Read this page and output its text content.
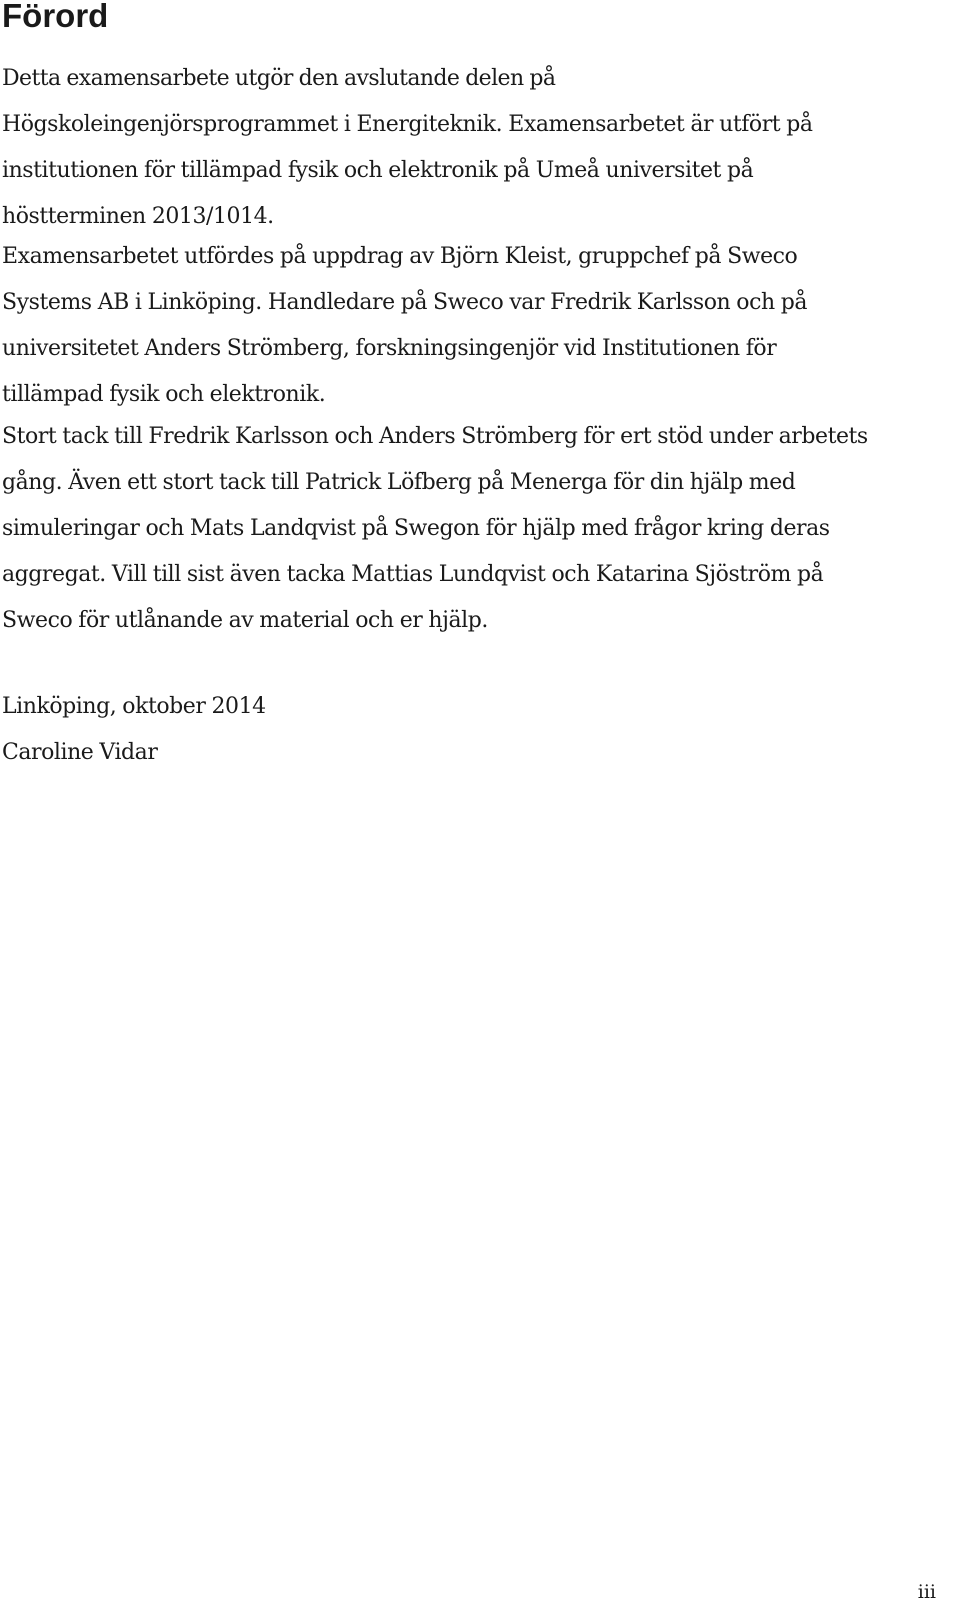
Förord

Detta examensarbete utgör den avslutande delen på
Högskoleingenjörsprogrammet i Energiteknik. Examensarbetet är utfört på
institutionen för tillämpad fysik och elektronik på Umeå universitet på
höstterminen 2013/1014.

Examensarbetet utfördes på uppdrag av Björn Kleist, gruppchef på Sweco
Systems AB i Linköping. Handledare på Sweco var Fredrik Karlsson och på
universitetet Anders Strömberg, forskningsingenjör vid Institutionen för
tillämpad fysik och elektronik.

Stort tack till Fredrik Karlsson och Anders Strömberg för ert stöd under arbetets
gång. Även ett stort tack till Patrick Löfberg på Menerga för din hjälp med
simuleringar och Mats Landqvist på Swegon för hjälp med frågor kring deras
aggregat. Vill till sist även tacka Mattias Lundqvist och Katarina Sjöström på
Sweco för utlånande av material och er hjälp.

Linköping, oktober 2014
Caroline Vidar

iii
